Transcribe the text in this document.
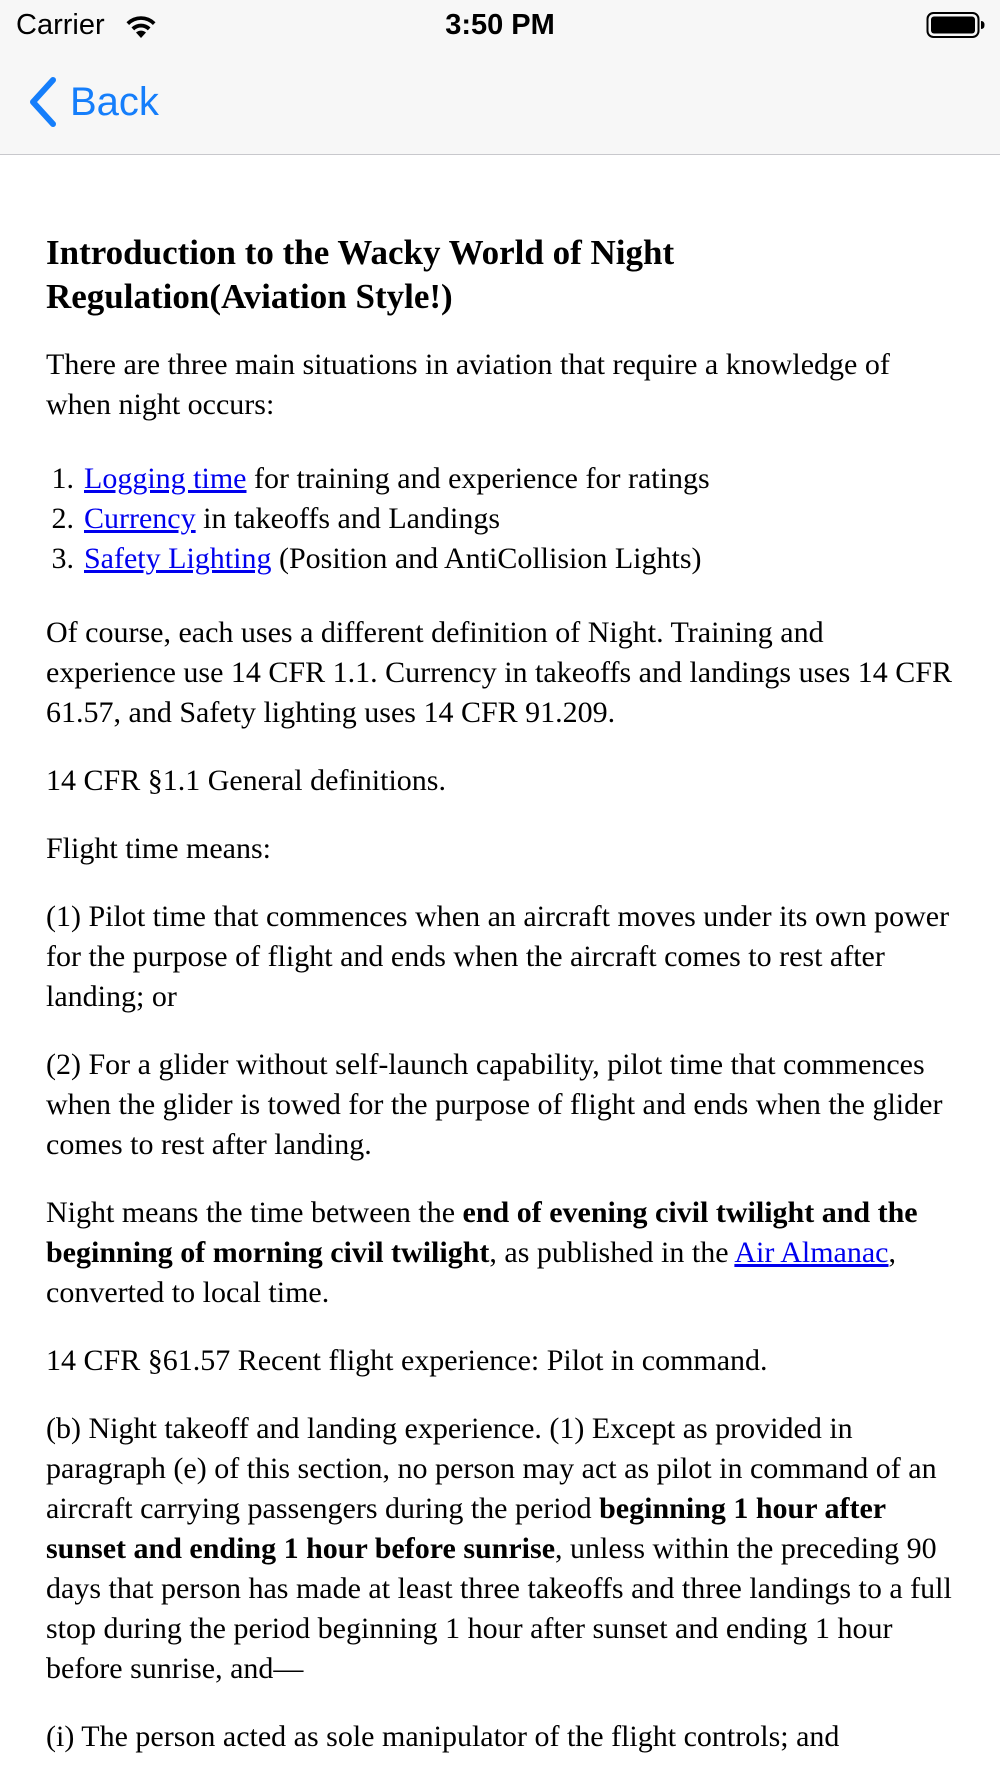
Carrier	3:50 PM
Back
Introduction to the Wacky World of Night Regulation(Aviation Style!)

There are three main situations in aviation that require a knowledge of when night occurs:

1. Logging time for training and experience for ratings
2. Currency in takeoffs and Landings
3. Safety Lighting (Position and AntiCollision Lights)

Of course, each uses a different definition of Night. Training and experience use 14 CFR 1.1. Currency in takeoffs and landings uses 14 CFR 61.57, and Safety lighting uses 14 CFR 91.209.

14 CFR §1.1 General definitions.

Flight time means:

(1) Pilot time that commences when an aircraft moves under its own power for the purpose of flight and ends when the aircraft comes to rest after landing; or

(2) For a glider without self-launch capability, pilot time that commences when the glider is towed for the purpose of flight and ends when the glider comes to rest after landing.

Night means the time between the end of evening civil twilight and the beginning of morning civil twilight, as published in the Air Almanac, converted to local time.

14 CFR §61.57 Recent flight experience: Pilot in command.

(b) Night takeoff and landing experience. (1) Except as provided in paragraph (e) of this section, no person may act as pilot in command of an aircraft carrying passengers during the period beginning 1 hour after sunset and ending 1 hour before sunrise, unless within the preceding 90 days that person has made at least three takeoffs and three landings to a full stop during the period beginning 1 hour after sunset and ending 1 hour before sunrise, and—

(i) The person acted as sole manipulator of the flight controls; and
